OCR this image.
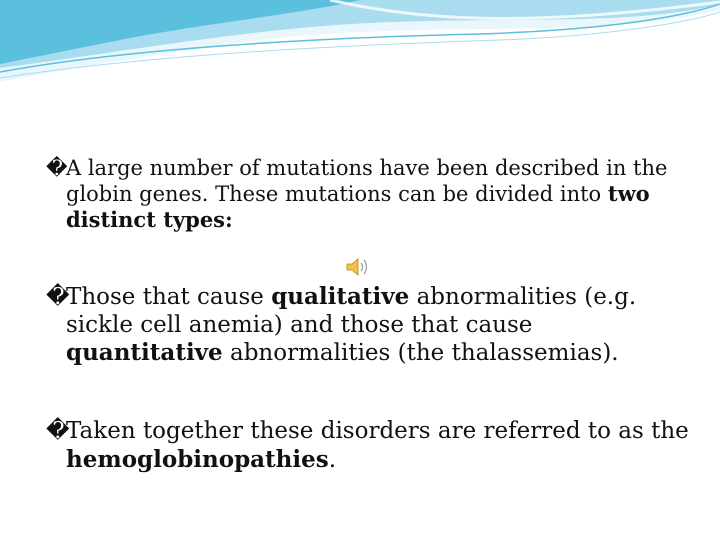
�A large number of mutations have been described in the globin genes. These mutations can be divided into two distinct types:

�Those that cause qualitative abnormalities (e.g. sickle cell anemia) and those that cause quantitative abnormalities (the thalassemias).

�Taken together these disorders are referred to as the hemoglobinopathies.
